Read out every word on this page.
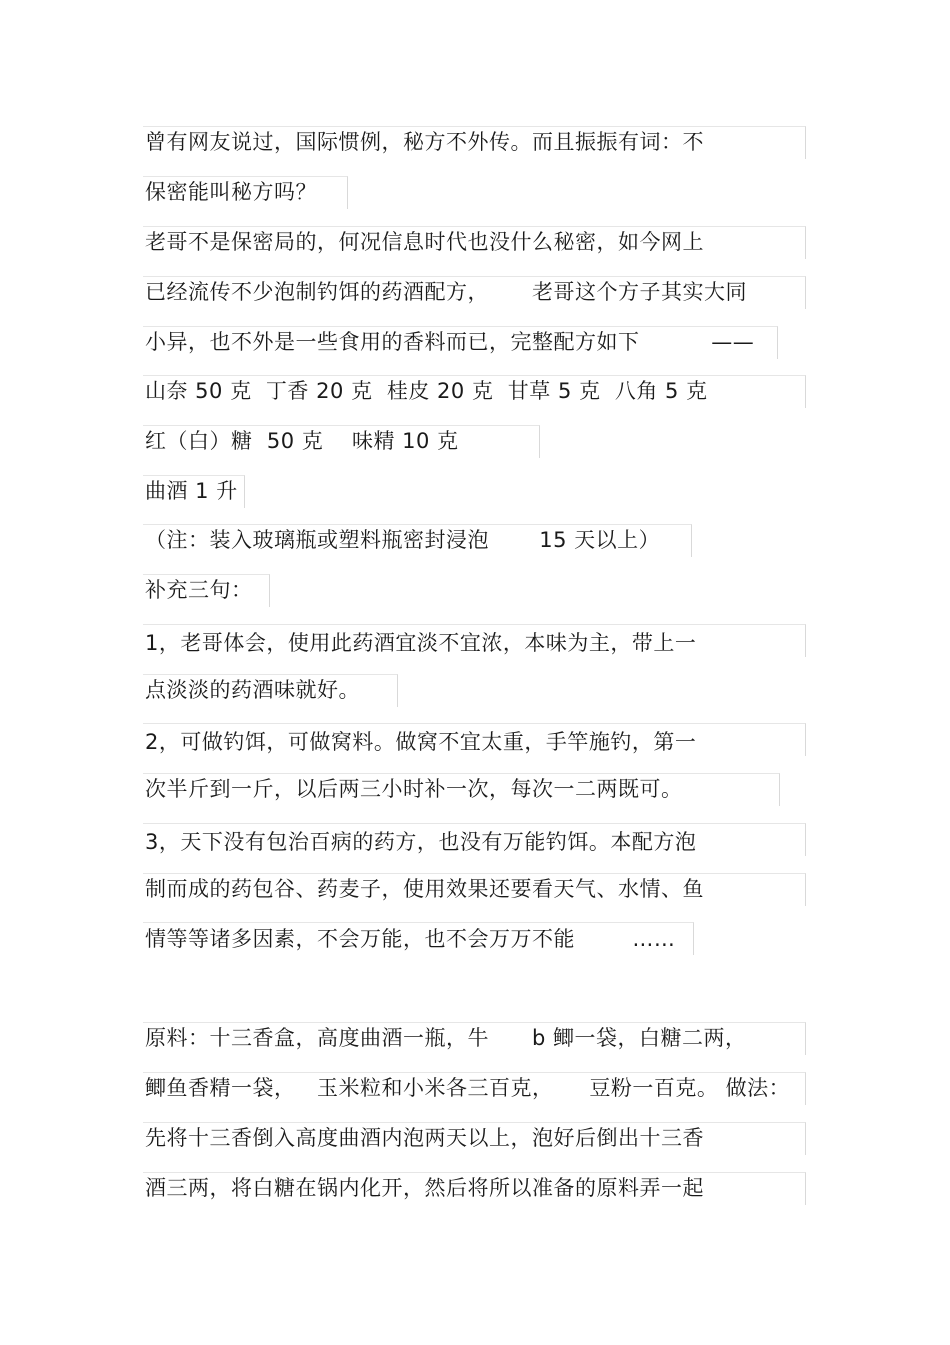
曾有网友说过，国际惯例，秘方不外传。而且振振有词：不
保密能叫秘方吗？
老哥不是保密局的，何况信息时代也没什么秘密，如今网上
已经流传不少泡制钓饵的药酒配方，      老哥这个方子其实大同
小异，也不外是一些食用的香料而已，完整配方如下          ——
山奈 50 克  丁香 20 克  桂皮 20 克  甘草 5 克  八角 5 克
红（白）糖  50 克    味精 10 克
曲酒 1 升
（注：装入玻璃瓶或塑料瓶密封浸泡       15 天以上）
补充三句：
1，老哥体会，使用此药酒宜淡不宜浓，本味为主，带上一
点淡淡的药酒味就好。
2，可做钓饵，可做窝料。做窝不宜太重，手竿施钓，第一
次半斤到一斤，以后两三小时补一次，每次一二两既可。
3，天下没有包治百病的药方，也没有万能钓饵。本配方泡
制而成的药包谷、药麦子，使用效果还要看天气、水情、鱼
情等等诸多因素，不会万能，也不会万万不能        ……
原料：十三香盒，高度曲酒一瓶，牛      b 鲫一袋，白糖二两，
鲫鱼香精一袋，   玉米粒和小米各三百克，     豆粉一百克。 做法：
先将十三香倒入高度曲酒内泡两天以上，泡好后倒出十三香
酒三两，将白糖在锅内化开，然后将所以准备的原料弄一起
